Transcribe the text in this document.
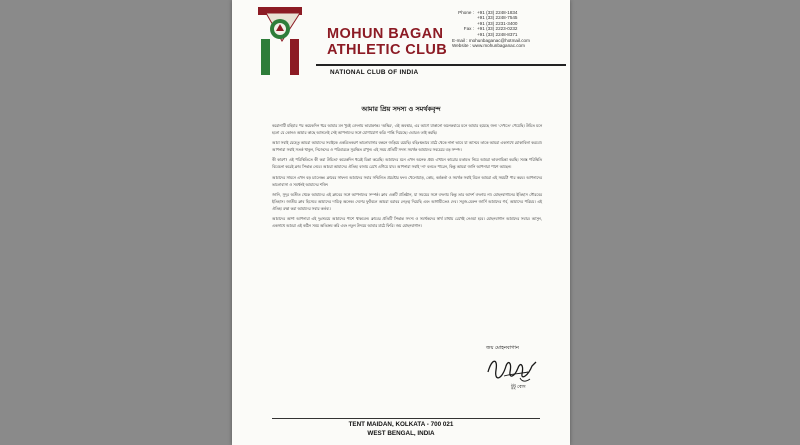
MOHUN BAGAN
ATHLETIC CLUB
Phone : +91 (33) 2248-1834
+91 (33) 2248-7545
+91 (33) 2231-3400
Fax : +91 (33) 2223-0232
+91 (33) 2248-8371
E-mail : mohunbaganac@hotmail.com
Website : www.mohunbaganac.com
NATIONAL CLUB OF INDIA
আমার প্রিয় সদস্য ও সমর্থকবৃন্দ

করোনাটি মহিমার পর কয়েকদিন ধরে আমার মন খুবই বেদনায় ভারাক্রান্ত। 'অস্থির', এই অবস্থার, এর আগে যাকানো অনেকবারে মনে আমার হয়েছে জন্য 'দেখতে' পেয়েছি। উচিত মনে হলো যে কোনও আমার কাছে আসলেই সেই আপনাদের সঙ্গে যোগাযোগ করি। শান্তি দিয়েছে। এবারও তাই করছি।

আমা সবাই যেহেতু আমরা আমাদের সবাইকে একত্রিতকরণ ভালোবাসার বন্ধনে জড়িয়ে রয়েছি। বহিঃস্থভাবে মাঠে থেকে নানা ভাবে যা আসবে তাকে আমরা একসাথে মোকাবিলা করবো। আপনারা সবাই সতর্ক থাকুন, নিজেদের ও পরিবারকে সুরক্ষিত রাখুন। এই সময় প্রতিটি সদস্য সমর্থক আমাদের সবচেয়ে বড় সম্পদ।

কী কারণ? এই পরিস্থিতিতে কী করা উচিত? কয়েকদিন ধরেই চিন্তা করেছি। আমাদের মনে এখন অনেক প্রশ্ন। এখানে কারোর মতামত নিয়ে আমরা ভাবনাচিন্তা করছি। সমস্ত পরিস্থিতি বিবেচনা করেই ক্লাব সিদ্ধান্ত নেবে। আমরা আমাদের ঐতিহ্য বজায় রেখে এগিয়ে যাব। আপনারা সবাই 'না' বলতে পারেন, কিন্তু আমরা জানি আপনারা পাশে আছেন।

আমাদের সামনে এখন বড় চ্যালেঞ্জ। ক্লাবের সাফল্য আমাদের সবার সম্মিলিত প্রচেষ্টার ফল। খেলোয়াড়, কোচ, কর্মকর্তা ও সমর্থক সবাই মিলে আমরা এই সময়টা পার করব। আপনাদের ভালোবাসা ও সমর্থনই আমাদের শক্তি।

জানি, সুদূর অতীত থেকে আমাদের এই ক্লাবের সঙ্গে আপনাদের সম্পর্ক। ক্লাব একটি প্রতিষ্ঠান, যা সময়ের সঙ্গে বদলায় কিন্তু তার আদর্শ বদলায় না। মোহনবাগানের ইতিহাস গৌরবের ইতিহাস। জাতীয় ক্লাব হিসেবে আমাদের দায়িত্ব অনেক। দেশের ফুটবলে আমরা বরাবর নেতৃত্ব দিয়েছি এবং আগামীতেও দেব। সবুজ-মেরুন জার্সি আমাদের গর্ব, আমাদের পরিচয়। এই ঐতিহ্য রক্ষা করা আমাদের সবার কর্তব্য।

আমাদের আশা আপনারা এই দুঃসময়ে আমাদের পাশে থাকবেন। ক্লাবের প্রতিটি সিদ্ধান্ত সদস্য ও সমর্থকদের স্বার্থ মাথায় রেখেই নেওয়া হবে। মোহনবাগান আমাদের সবার। আসুন, একসাথে আমরা এই কঠিন সময় অতিক্রম করি এবং নতুন উদ্যমে আবার মাঠে ফিরি। জয় মোহনবাগান।

জয় মোহনবাগান
টুটু বোস
TENT MAIDAN, KOLKATA - 700 021
WEST BENGAL, INDIA
